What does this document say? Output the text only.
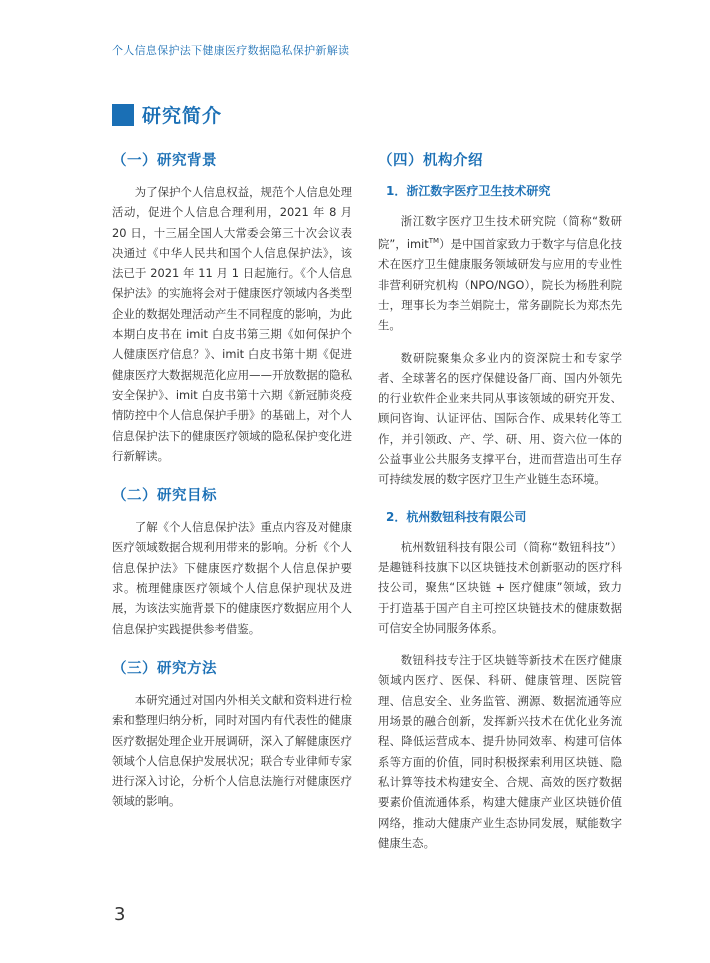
个人信息保护法下健康医疗数据隐私保护新解读
研究简介
（一）研究背景

为了保护个人信息权益，规范个人信息处理活动，促进个人信息合理利用，2021 年 8 月 20 日，十三届全国人大常委会第三十次会议表决通过《中华人民共和国个人信息保护法》，该法已于 2021 年 11 月 1 日起施行。《个人信息保护法》的实施将会对于健康医疗领域内各类型企业的数据处理活动产生不同程度的影响，为此本期白皮书在 imit 白皮书第三期《如何保护个人健康医疗信息？》、imit 白皮书第十期《促进健康医疗大数据规范化应用——开放数据的隐私安全保护》、imit 白皮书第十六期《新冠肺炎疫情防控中个人信息保护手册》的基础上，对个人信息保护法下的健康医疗领域的隐私保护变化进行新解读。

（二）研究目标

了解《个人信息保护法》重点内容及对健康医疗领域数据合规利用带来的影响。分析《个人信息保护法》下健康医疗数据个人信息保护要求。梳理健康医疗领域个人信息保护现状及进展，为该法实施背景下的健康医疗数据应用个人信息保护实践提供参考借鉴。

（三）研究方法

本研究通过对国内外相关文献和资料进行检索和整理归纳分析，同时对国内有代表性的健康医疗数据处理企业开展调研，深入了解健康医疗领域个人信息保护发展状况；联合专业律师专家进行深入讨论，分析个人信息法施行对健康医疗领域的影响。

（四）机构介绍
1．浙江数字医疗卫生技术研究

浙江数字医疗卫生技术研究院（简称“数研院”，imit™）是中国首家致力于数字与信息化技术在医疗卫生健康服务领域研发与应用的专业性非营利研究机构（NPO/NGO），院长为杨胜利院士，理事长为李兰娟院士，常务副院长为郑杰先生。

数研院聚集众多业内的资深院士和专家学者、全球著名的医疗保健设备厂商、国内外领先的行业软件企业来共同从事该领域的研究开发、顾问咨询、认证评估、国际合作、成果转化等工作，并引领政、产、学、研、用、资六位一体的公益事业公共服务支撑平台，进而营造出可生存可持续发展的数字医疗卫生产业链生态环境。

2．杭州数钮科技有限公司

杭州数钮科技有限公司（简称“数钮科技”）是趣链科技旗下以区块链技术创新驱动的医疗科技公司，聚焦“区块链 + 医疗健康”领域，致力于打造基于国产自主可控区块链技术的健康数据可信安全协同服务体系。

数钮科技专注于区块链等新技术在医疗健康领域内医疗、医保、科研、健康管理、医院管理、信息安全、业务监管、溯源、数据流通等应用场景的融合创新，发挥新兴技术在优化业务流程、降低运营成本、提升协同效率、构建可信体系等方面的价值，同时积极探索利用区块链、隐私计算等技术构建安全、合规、高效的医疗数据要素价值流通体系，构建大健康产业区块链价值网络，推动大健康产业生态协同发展，赋能数字健康生态。

3
